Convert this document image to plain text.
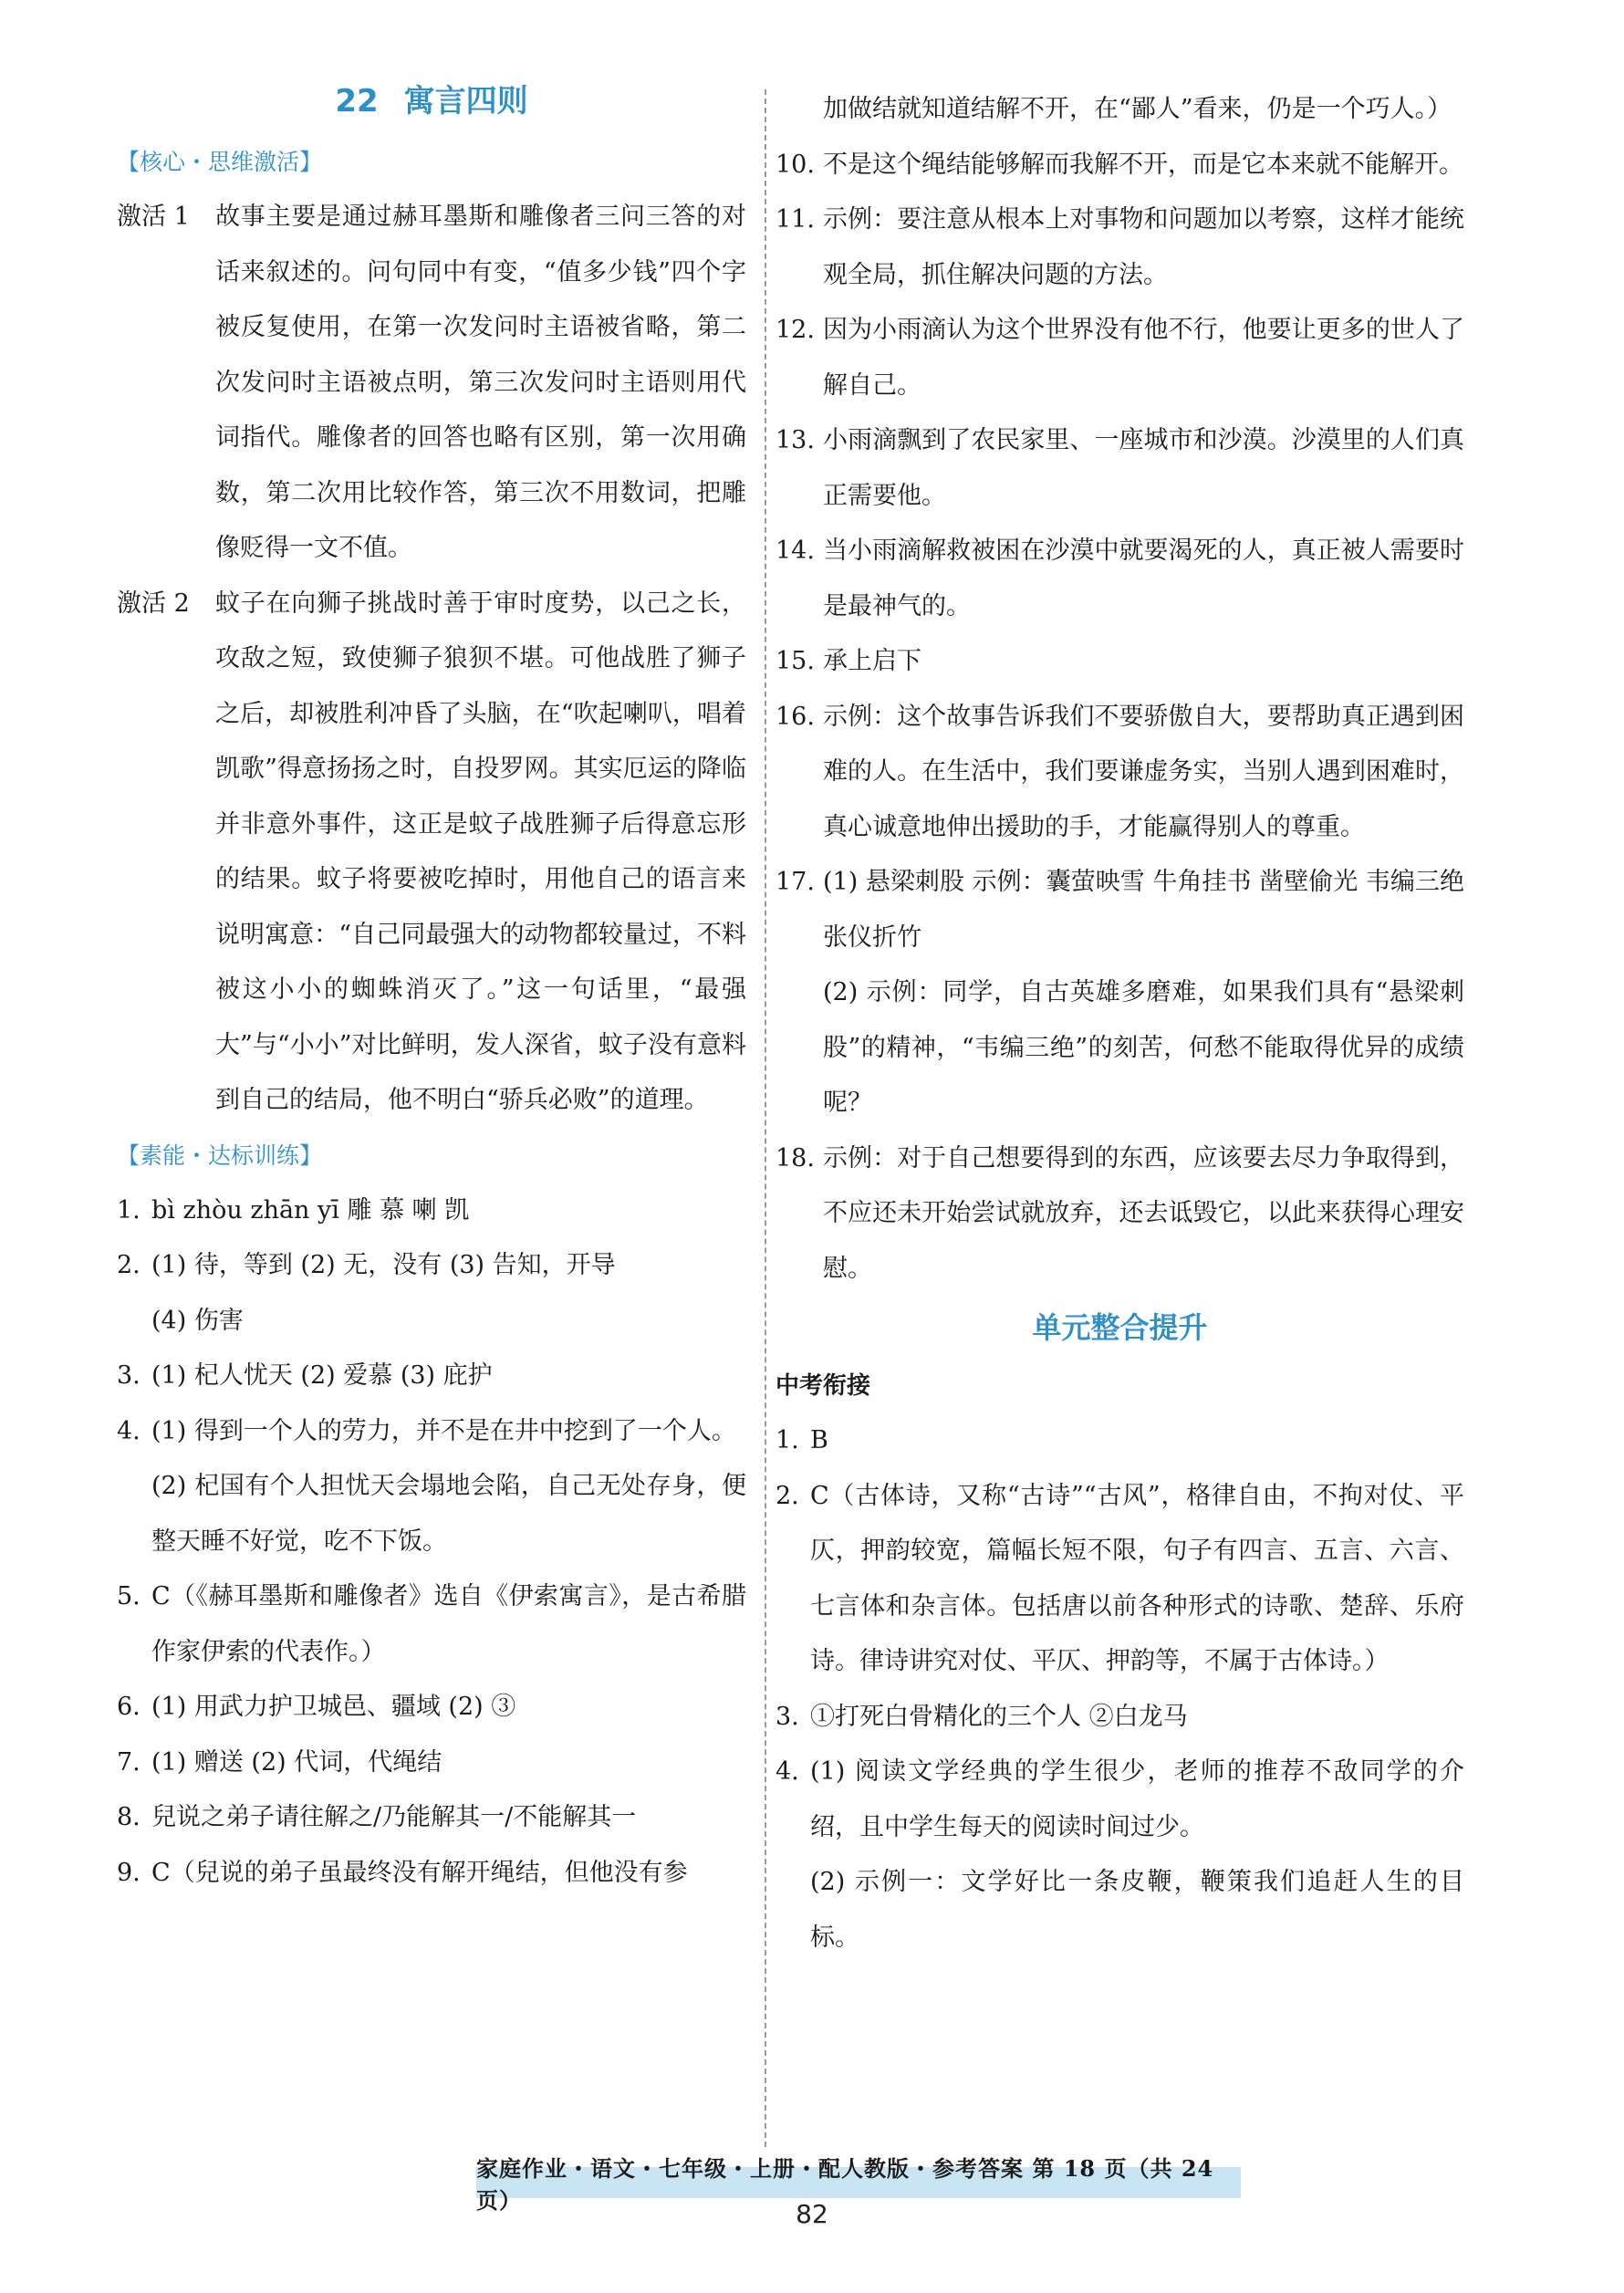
22 寓言四则
【核心・思维激活】
激活 1	故事主要是通过赫耳墨斯和雕像者三问三答的对话来叙述的。问句同中有变，“值多少钱”四个字被反复使用，在第一次发问时主语被省略，第二次发问时主语被点明，第三次发问时主语则用代词指代。雕像者的回答也略有区别，第一次用确数，第二次用比较作答，第三次不用数词，把雕像贬得一文不值。
激活 2	蚊子在向狮子挑战时善于审时度势，以己之长，攻敌之短，致使狮子狼狈不堪。可他战胜了狮子之后，却被胜利冲昏了头脑，在“吹起喇叭，唱着凯歌”得意扬扬之时，自投罗网。其实厄运的降临并非意外事件，这正是蚊子战胜狮子后得意忘形的结果。蚊子将要被吃掉时，用他自己的语言来说明寓意：“自己同最强大的动物都较量过，不料被这小小的蜘蛛消灭了。”这一句话里，“最强大”与“小小”对比鲜明，发人深省，蚊子没有意料到自己的结局，他不明白“骄兵必败”的道理。
【素能・达标训练】
1. bì zhòu zhān yī 雕 慕 喇 凯
2. (1) 待，等到 (2) 无，没有 (3) 告知，开导
(4) 伤害
3. (1) 杞人忧天 (2) 爱慕 (3) 庇护
4. (1) 得到一个人的劳力，并不是在井中挖到了一个人。
(2) 杞国有个人担忧天会塌地会陷，自己无处存身，便整天睡不好觉，吃不下饭。
5. C（《赫耳墨斯和雕像者》选自《伊索寓言》，是古希腊作家伊索的代表作。）
6. (1) 用武力护卫城邑、疆域 (2) ③
7. (1) 赠送 (2) 代词，代绳结
8. 兒说之弟子请往解之/乃能解其一/不能解其一
9. C（兒说的弟子虽最终没有解开绳结，但他没有参
加做结就知道结解不开，在“鄙人”看来，仍是一个巧人。）
10. 不是这个绳结能够解而我解不开，而是它本来就不能解开。
11. 示例：要注意从根本上对事物和问题加以考察，这样才能统观全局，抓住解决问题的方法。
12. 因为小雨滴认为这个世界没有他不行，他要让更多的世人了解自己。
13. 小雨滴飘到了农民家里、一座城市和沙漠。沙漠里的人们真正需要他。
14. 当小雨滴解救被困在沙漠中就要渴死的人，真正被人需要时是最神气的。
15. 承上启下
16. 示例：这个故事告诉我们不要骄傲自大，要帮助真正遇到困难的人。在生活中，我们要谦虚务实，当别人遇到困难时，真心诚意地伸出援助的手，才能赢得别人的尊重。
17. (1) 悬梁刺股 示例：囊萤映雪 牛角挂书 凿壁偷光 韦编三绝 张仪折竹
(2) 示例：同学，自古英雄多磨难，如果我们具有“悬梁刺股”的精神，“韦编三绝”的刻苦，何愁不能取得优异的成绩呢？
18. 示例：对于自己想要得到的东西，应该要去尽力争取得到，不应还未开始尝试就放弃，还去诋毁它，以此来获得心理安慰。
单元整合提升
中考衔接
1. B
2. C（古体诗，又称“古诗”“古风”，格律自由，不拘对仗、平仄，押韵较宽，篇幅长短不限，句子有四言、五言、六言、七言体和杂言体。包括唐以前各种形式的诗歌、楚辞、乐府诗。律诗讲究对仗、平仄、押韵等，不属于古体诗。）
3. ①打死白骨精化的三个人 ②白龙马
4. (1) 阅读文学经典的学生很少，老师的推荐不敌同学的介绍，且中学生每天的阅读时间过少。
(2) 示例一：文学好比一条皮鞭，鞭策我们追赶人生的目标。
家庭作业・语文・七年级・上册・配人教版・参考答案 第 18 页（共 24 页）	82
